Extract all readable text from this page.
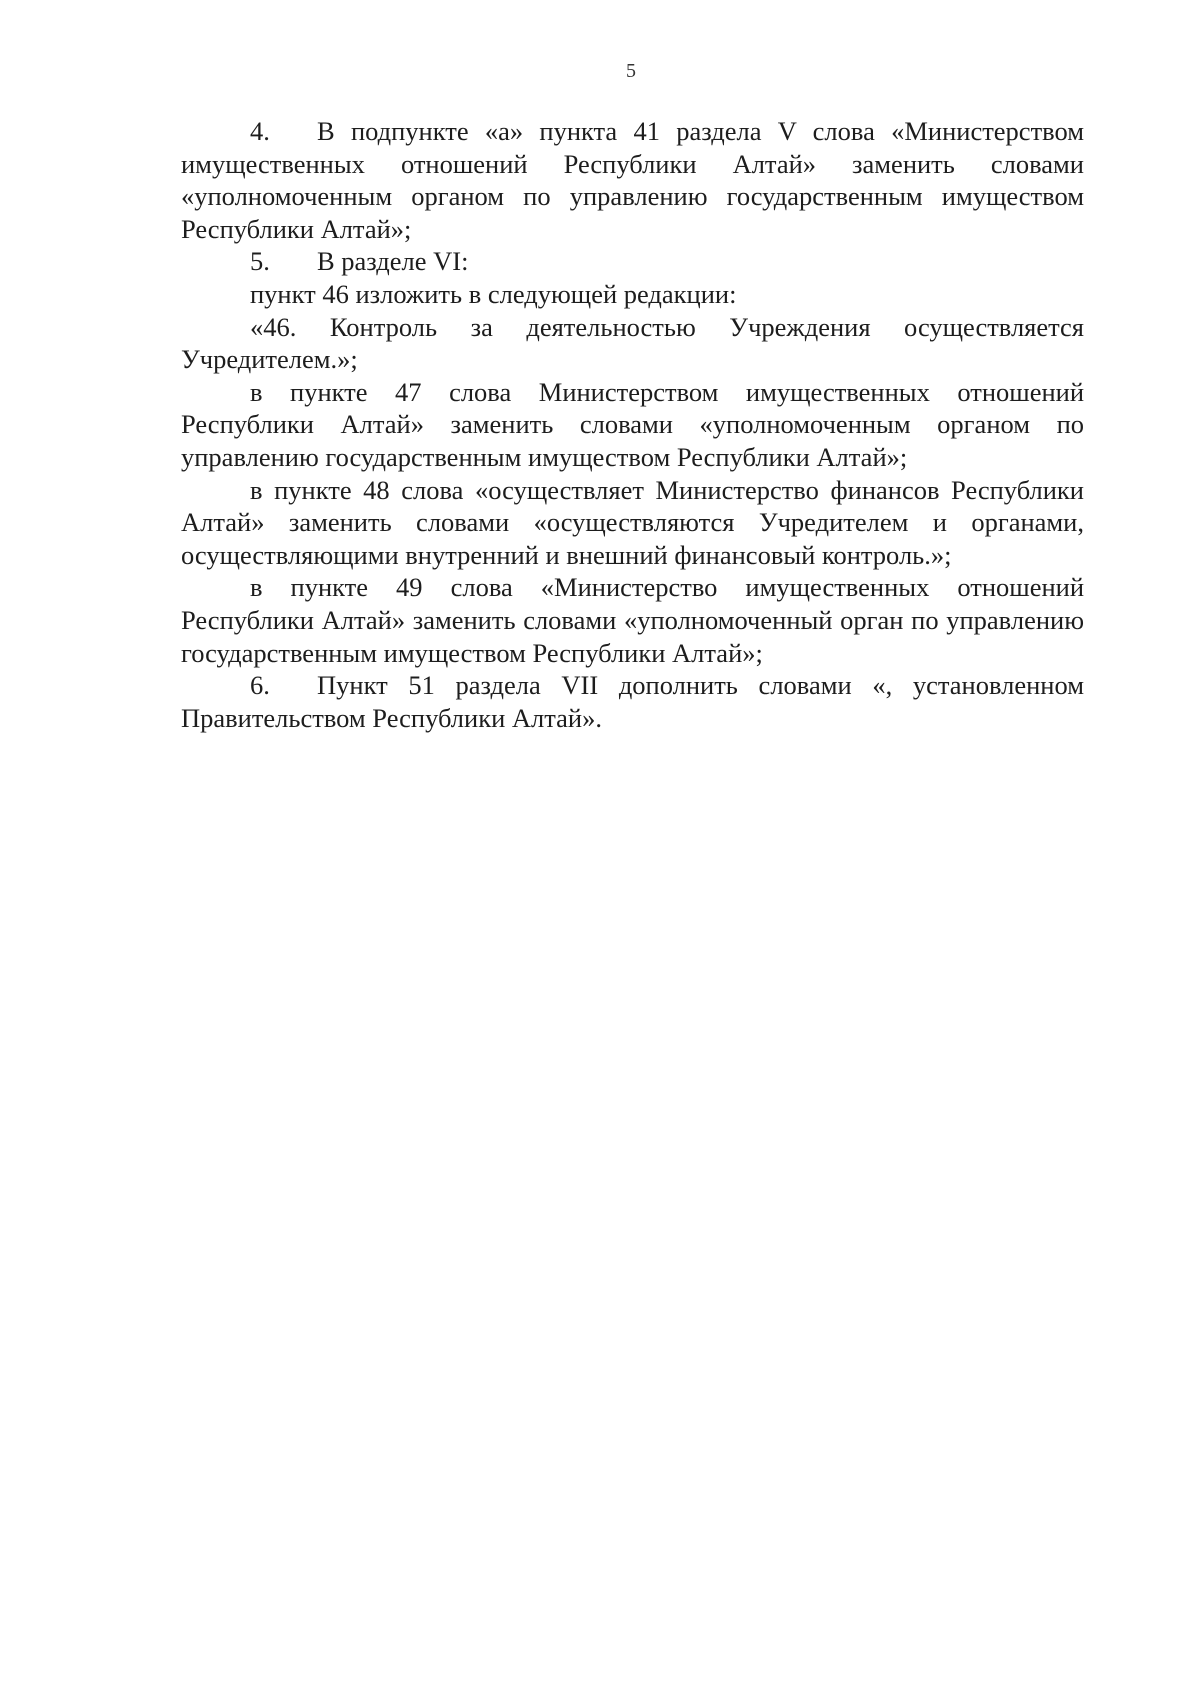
5

4. В подпункте «а» пункта 41 раздела V слова «Министерством имущественных отношений Республики Алтай» заменить словами «уполномоченным органом по управлению государственным имуществом Республики Алтай»;

5. В разделе VI:

пункт 46 изложить в следующей редакции:

«46. Контроль за деятельностью Учреждения осуществляется Учредителем.»;

в пункте 47 слова Министерством имущественных отношений Республики Алтай» заменить словами «уполномоченным органом по управлению государственным имуществом Республики Алтай»;

в пункте 48 слова «осуществляет Министерство финансов Республики Алтай» заменить словами «осуществляются Учредителем и органами, осуществляющими внутренний и внешний финансовый контроль.»;

в пункте 49 слова «Министерство имущественных отношений Республики Алтай» заменить словами «уполномоченный орган по управлению государственным имуществом Республики Алтай»;

6. Пункт 51 раздела VII дополнить словами «, установленном Правительством Республики Алтай».
